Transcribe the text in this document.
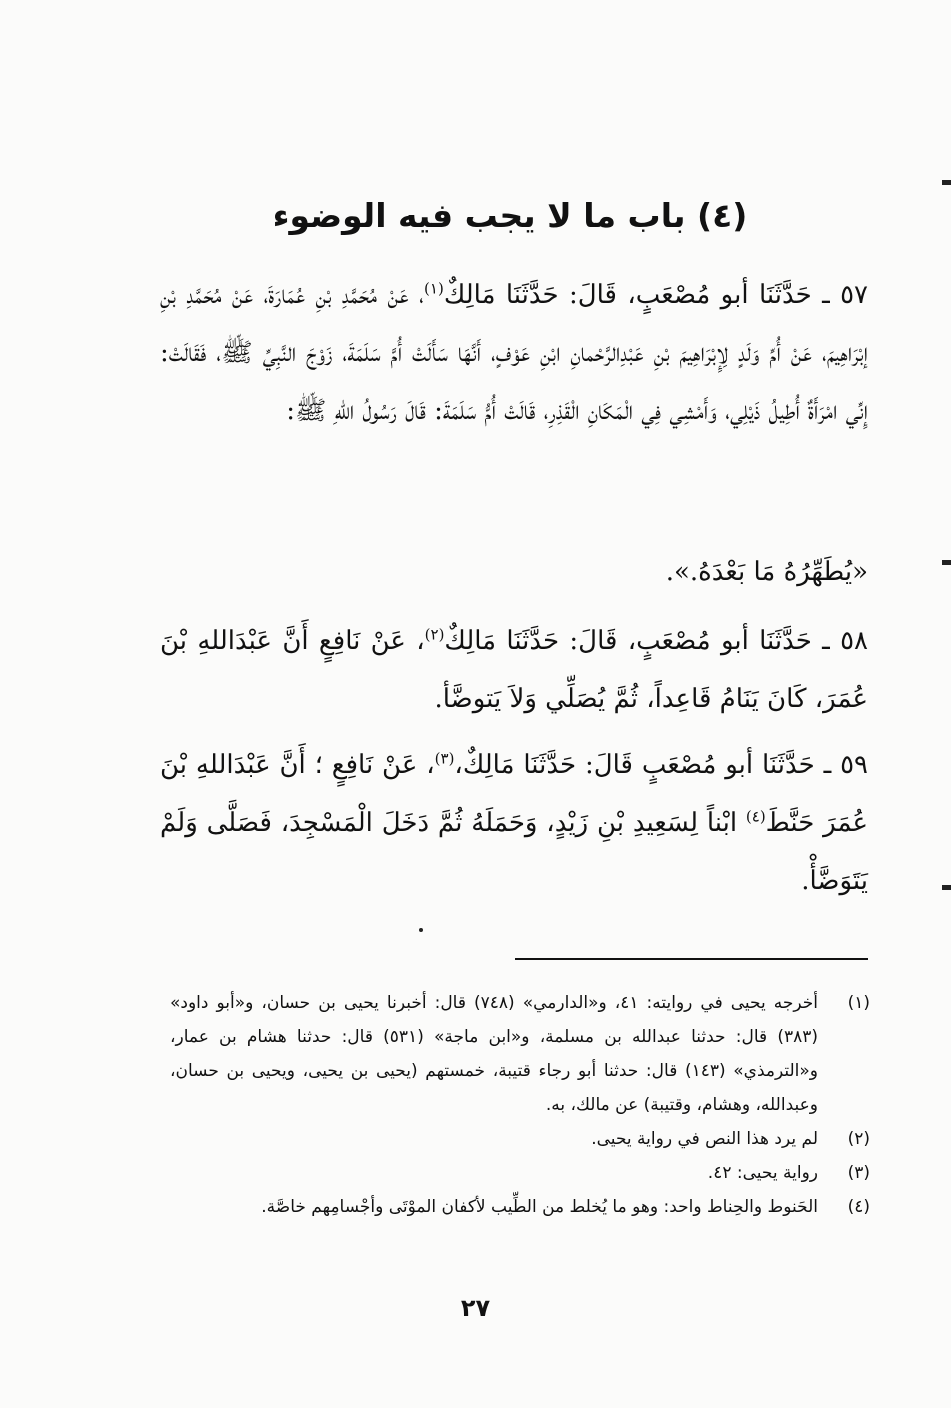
(٤) باب ما لا يجب فيه الوضوء

٥٧ ـ حَدَّثَنَا أبو مُصْعَبٍ، قَالَ: حَدَّثَنَا مَالِكٌ$^{(١)}$، عَنْ مُحَمَّدِ بْنِ عُمَارَةَ، عَنْ مُحَمَّدِ بْنِ إبْرَاهِيمَ، عَنْ أُمِّ وَلَدٍ لِإِبْرَاهِيمَ بْنِ عَبْدِالرَّحْمانِ ابْنِ عَوْفٍ، أَنَّهَا سَأَلَتْ أُمَّ سَلَمَةَ، زَوْجَ النَّبِيِّ ﷺ، فَقَالَتْ: إِنِّي امْرَأَةٌ أُطِيلُ ذَيْلِي، وَأَمْشِي فِي الْمَكَانِ الْقَذِرِ، قَالَتْ أُمُّ سَلَمَةَ: قَالَ رَسُولُ اللهِ ﷺ:

«يُطَهِّرُهُ مَا بَعْدَهُ.».

٥٨ ـ حَدَّثَنَا أبو مُصْعَبٍ، قَالَ: حَدَّثَنَا مَالِكٌ$^{(٢)}$، عَنْ نَافِعٍ أَنَّ عَبْدَاللهِ بْنَ عُمَرَ، كَانَ يَنَامُ قَاعِداً، ثُمَّ يُصَلِّي وَلاَ يَتوضَّأ.

٥٩ ـ حَدَّثَنَا أبو مُصْعَبٍ قَالَ: حَدَّثَنَا مَالِكٌ،$^{(٣)}$، عَنْ نَافِعٍ ؛ أَنَّ عَبْدَاللهِ بْنَ عُمَرَ حَنَّطَ$^{(٤)}$ ابْناً لِسَعِيدِ بْنِ زَيْدٍ، وَحَمَلَهُ ثُمَّ دَخَلَ الْمَسْجِدَ، فَصَلَّى وَلَمْ يَتَوَضَّأْ.

(١)
أخرجه يحيى في روايته: ٤١، و«الدارمي» (٧٤٨) قال: أخبرنا يحيى بن حسان، و«أبو داود» (٣٨٣) قال: حدثنا عبدالله بن مسلمة، و«ابن ماجة» (٥٣١) قال: حدثنا هشام بن عمار، و«الترمذي» (١٤٣) قال: حدثنا أبو رجاء قتيبة، خمستهم (يحيى بن يحيى، ويحيى بن حسان، وعبدالله، وهشام، وقتيبة) عن مالك، به.
(٢)
لم يرد هذا النص في رواية يحيى.
(٣)
رواية يحيى: ٤٢.
(٤)
الحَنوط والحِناط واحد: وهو ما يُخلط من الطِّيب لأكفان الموْتَى وأجْسامِهم خاصَّة.
٢٧
